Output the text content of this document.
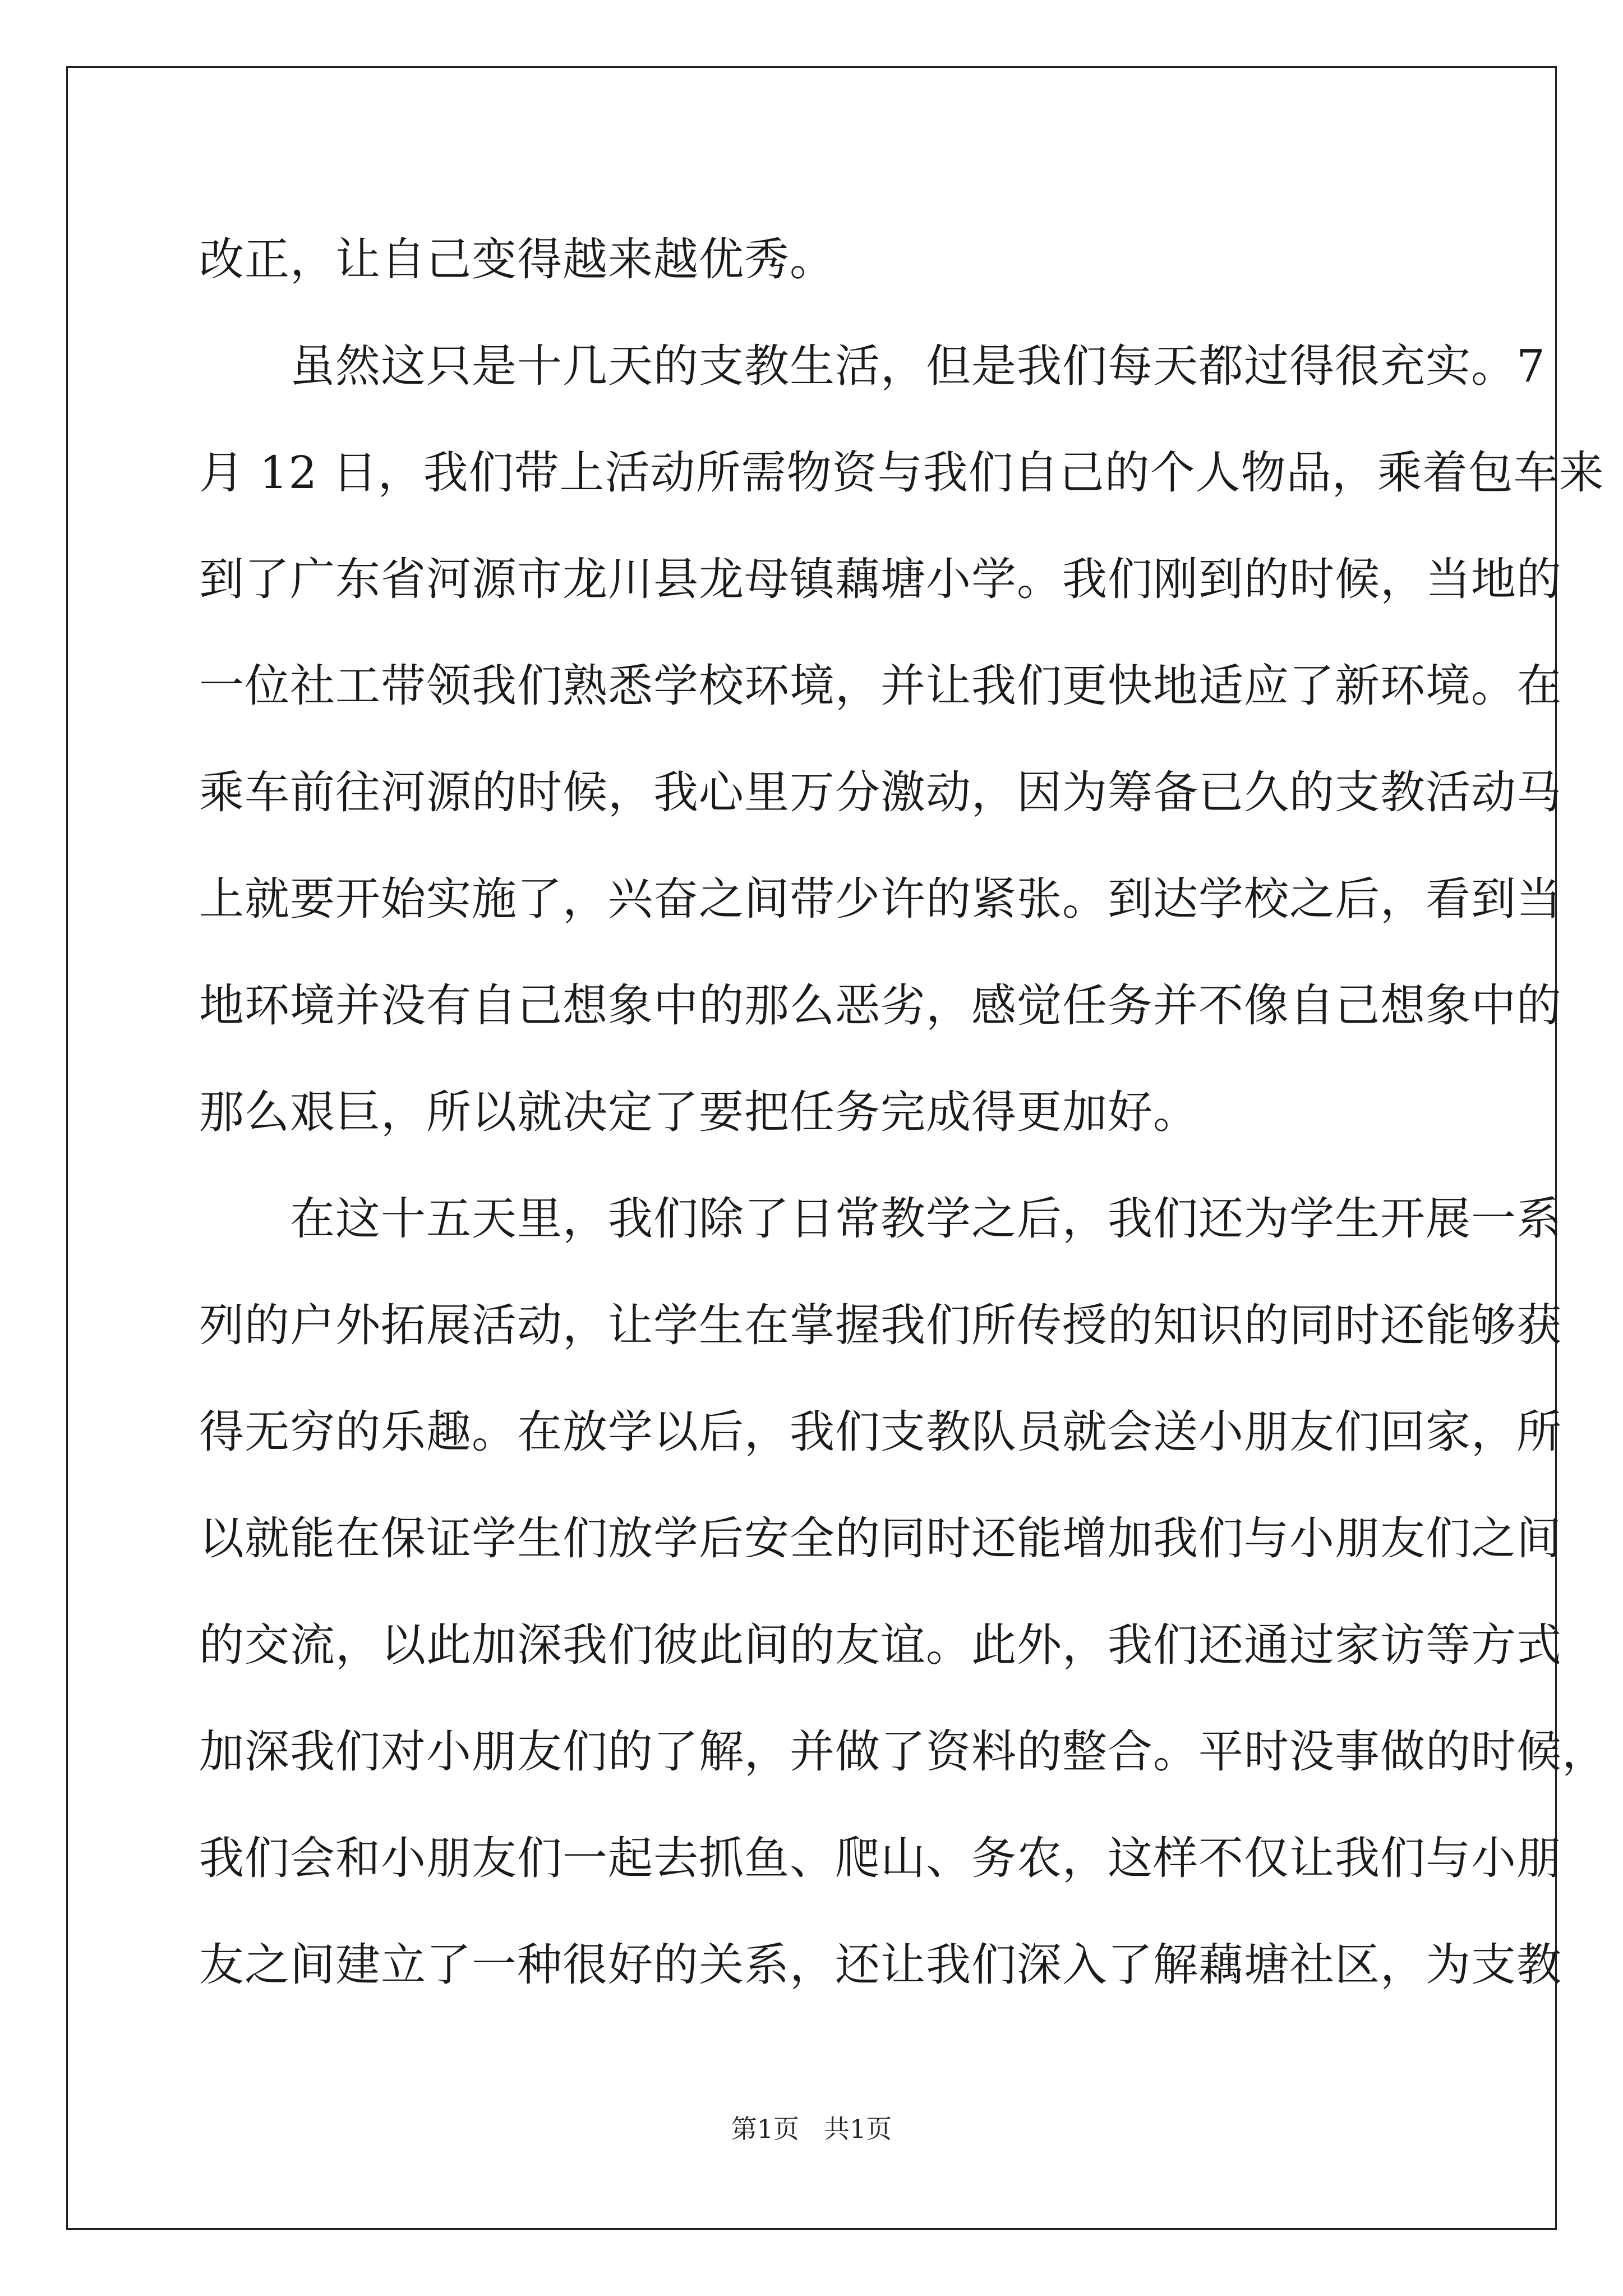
改正，让自己变得越来越优秀。
　　虽然这只是十几天的支教生活，但是我们每天都过得很充实。7
月 12 日，我们带上活动所需物资与我们自己的个人物品，乘着包车来
到了广东省河源市龙川县龙母镇藕塘小学。我们刚到的时候，当地的
一位社工带领我们熟悉学校环境，并让我们更快地适应了新环境。在
乘车前往河源的时候，我心里万分激动，因为筹备已久的支教活动马
上就要开始实施了，兴奋之间带少许的紧张。到达学校之后，看到当
地环境并没有自己想象中的那么恶劣，感觉任务并不像自己想象中的
那么艰巨，所以就决定了要把任务完成得更加好。
　　在这十五天里，我们除了日常教学之后，我们还为学生开展一系
列的户外拓展活动，让学生在掌握我们所传授的知识的同时还能够获
得无穷的乐趣。在放学以后，我们支教队员就会送小朋友们回家，所
以就能在保证学生们放学后安全的同时还能增加我们与小朋友们之间
的交流，以此加深我们彼此间的友谊。此外，我们还通过家访等方式
加深我们对小朋友们的了解，并做了资料的整合。平时没事做的时候，
我们会和小朋友们一起去抓鱼、爬山、务农，这样不仅让我们与小朋
友之间建立了一种很好的关系，还让我们深入了解藕塘社区，为支教
第1页 共1页
